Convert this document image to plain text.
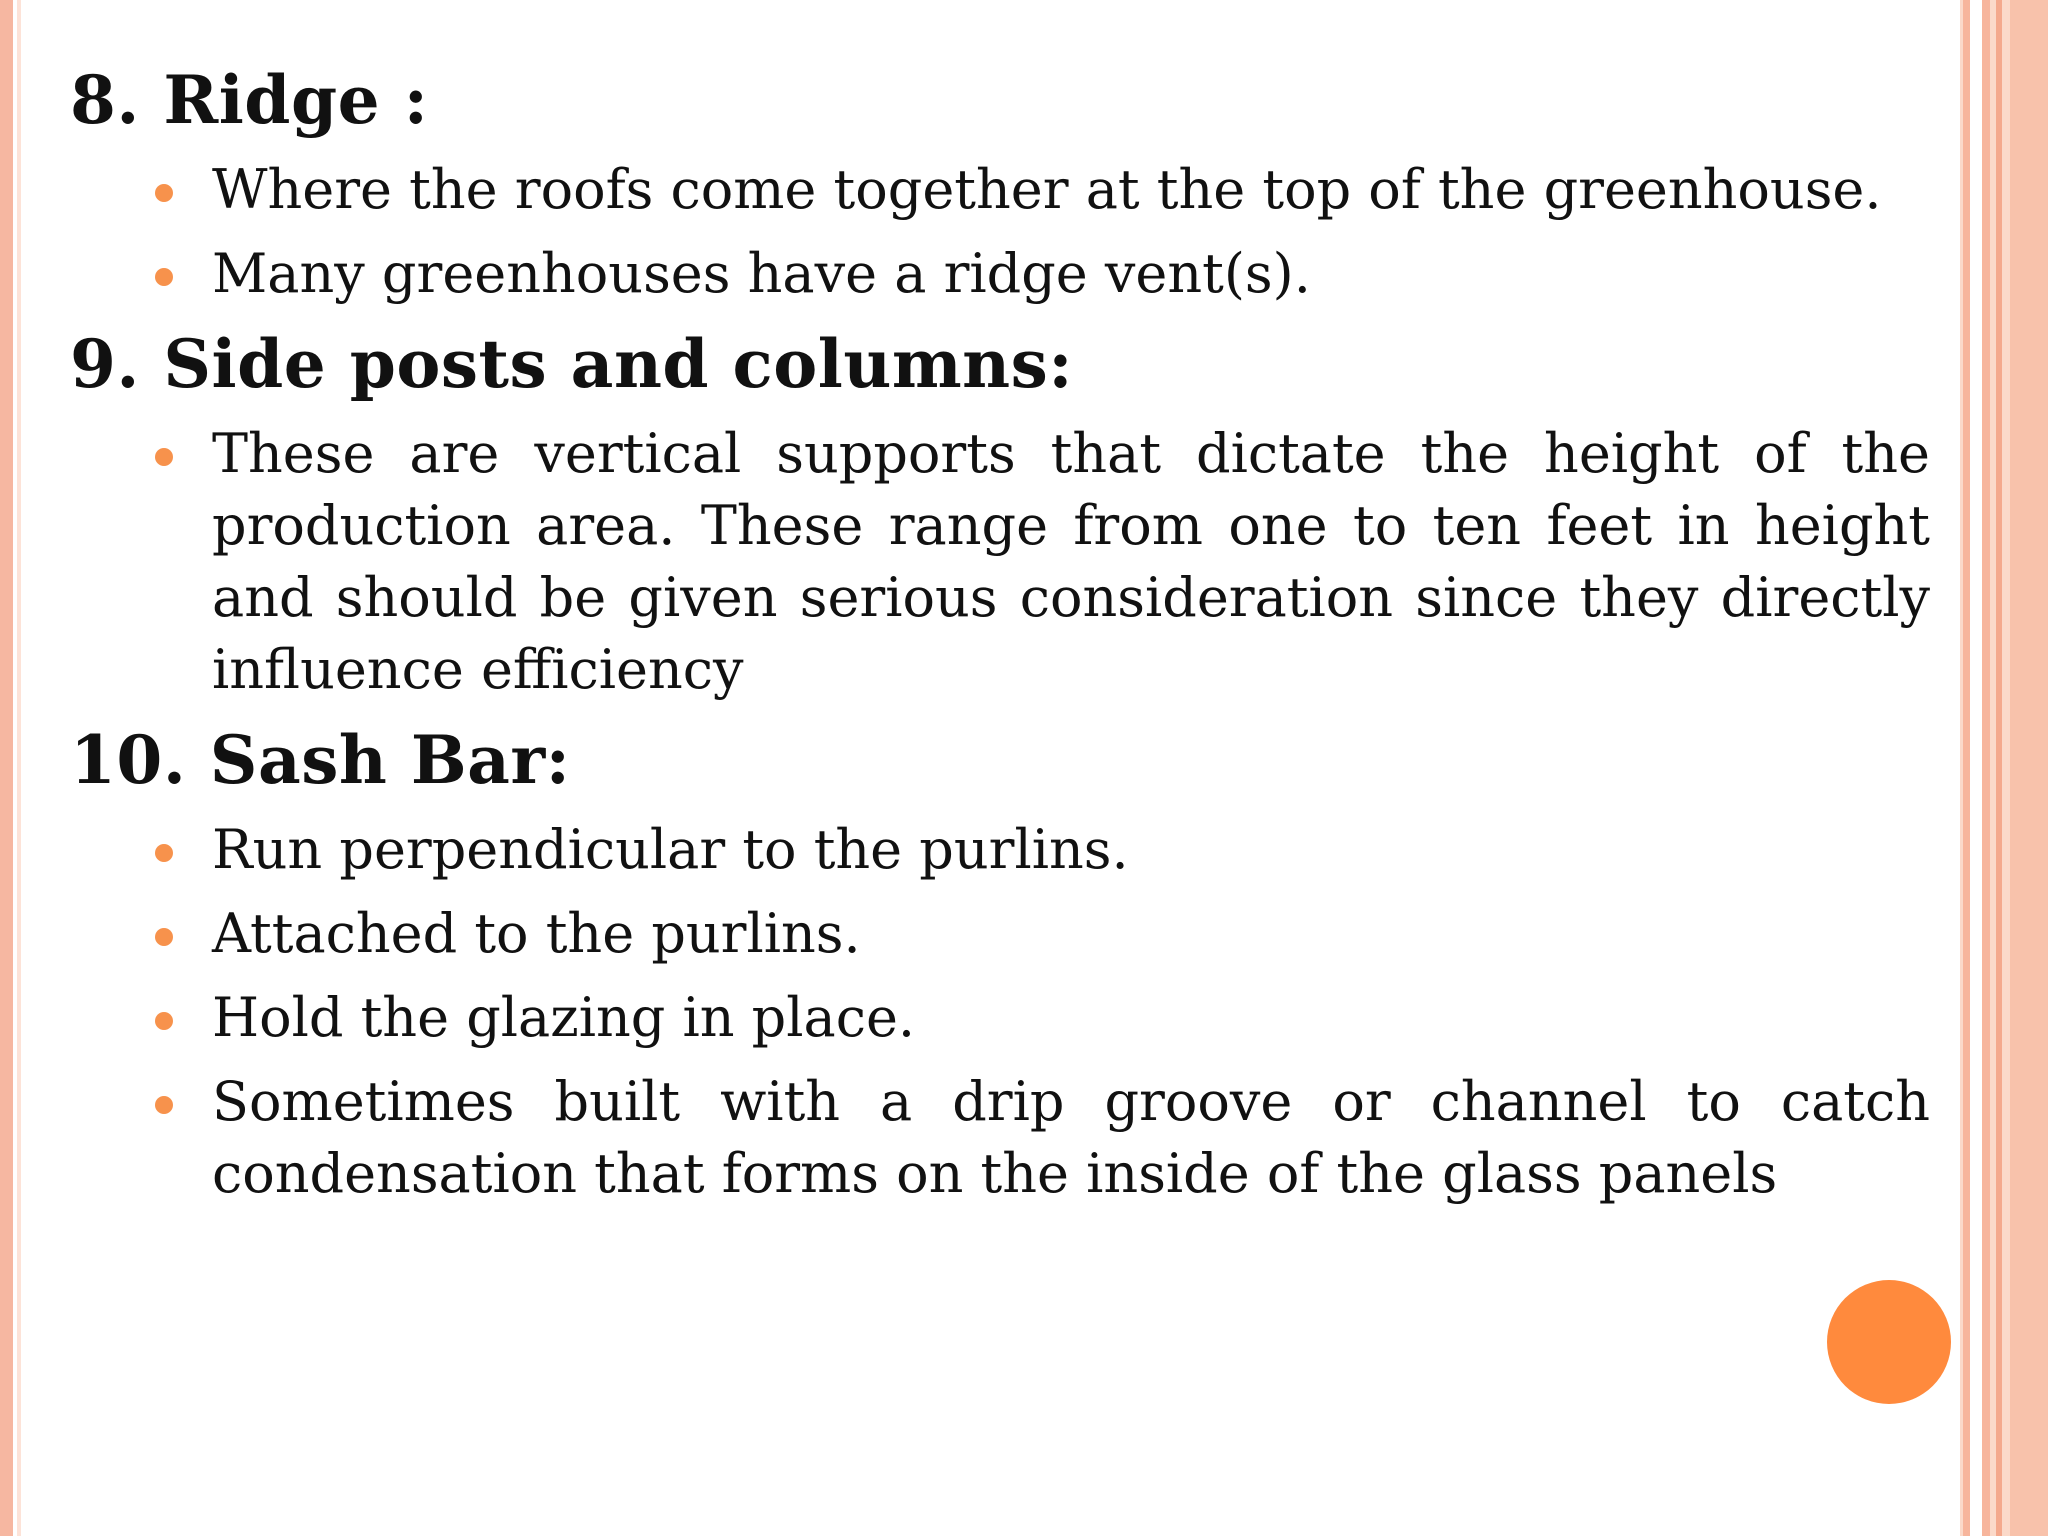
8. Ridge :
Where the roofs come together at the top of the greenhouse.
Many greenhouses have a ridge vent(s).
9. Side posts and columns:
These are vertical supports that dictate the height of the production area. These range from one to ten feet in height and should be given serious consideration since they directly influence efficiency
10. Sash Bar:
Run perpendicular to the purlins.
Attached to the purlins.
Hold the glazing in place.
Sometimes built with a drip groove or channel to catch condensation that forms on the inside of the glass panels
